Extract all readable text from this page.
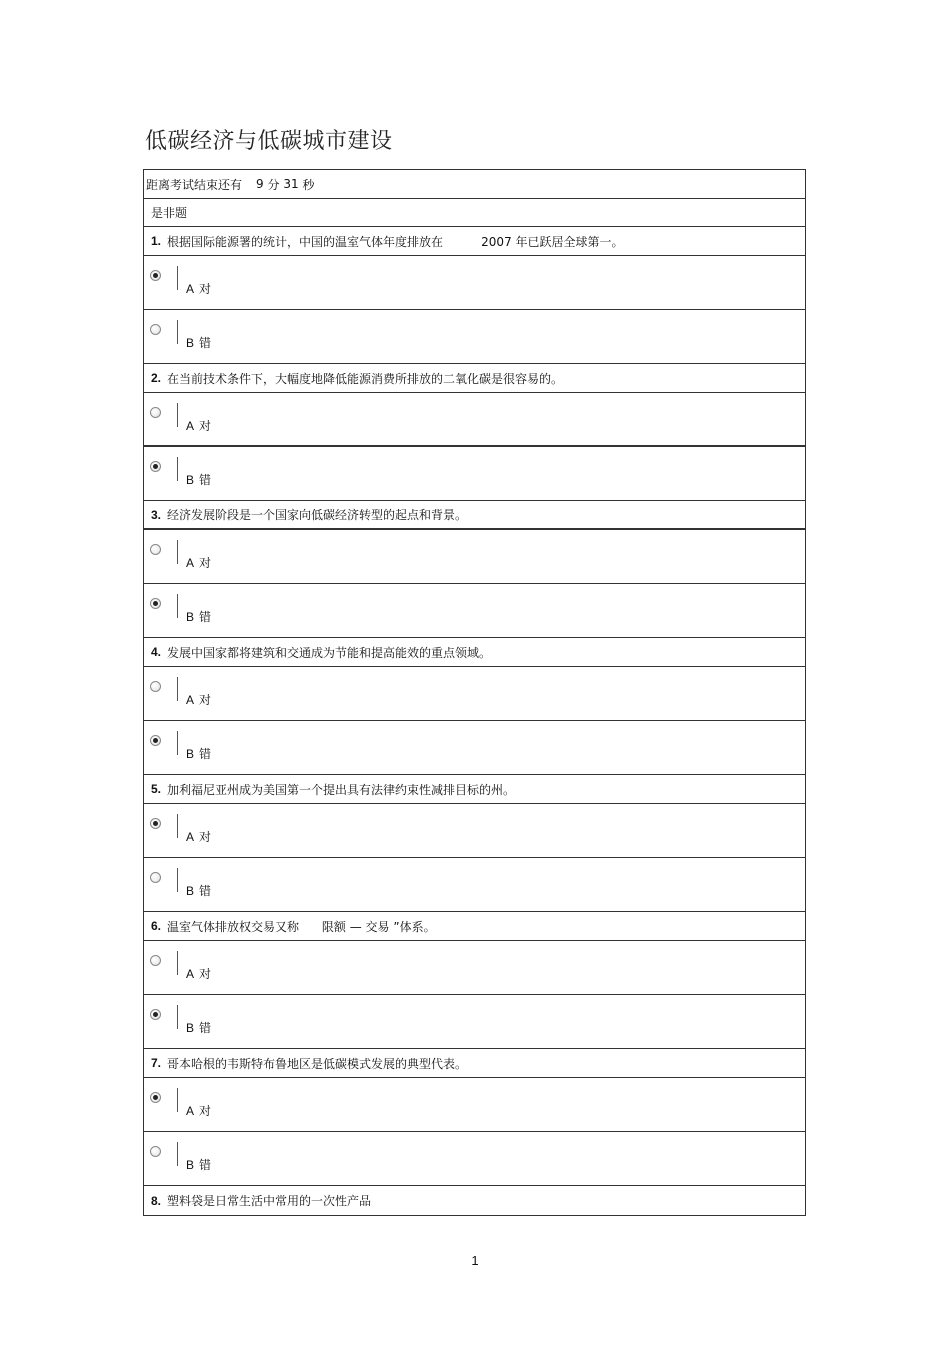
低碳经济与低碳城市建设
距离考试结束还有 9
分
31
秒
是非题
1. 根据国际能源署的统计，中国的温室气体年度排放在          2007 年已跃居全球第一。
A 对
B 错
2. 在当前技术条件下，大幅度地降低能源消费所排放的二氧化碳是很容易的。
A 对
B 错
3. 经济发展阶段是一个国家向低碳经济转型的起点和背景。
A 对
B 错
4. 发展中国家都将建筑和交通成为节能和提高能效的重点领域。
A 对
B 错
5. 加利福尼亚州成为美国第一个提出具有法律约束性减排目标的州。
A 对
B 错
6. 温室气体排放权交易又称      限额 — 交易 ”体系。
A 对
B 错
7. 哥本哈根的韦斯特布鲁地区是低碳模式发展的典型代表。
A 对
B 错
8. 塑料袋是日常生活中常用的一次性产品
1
